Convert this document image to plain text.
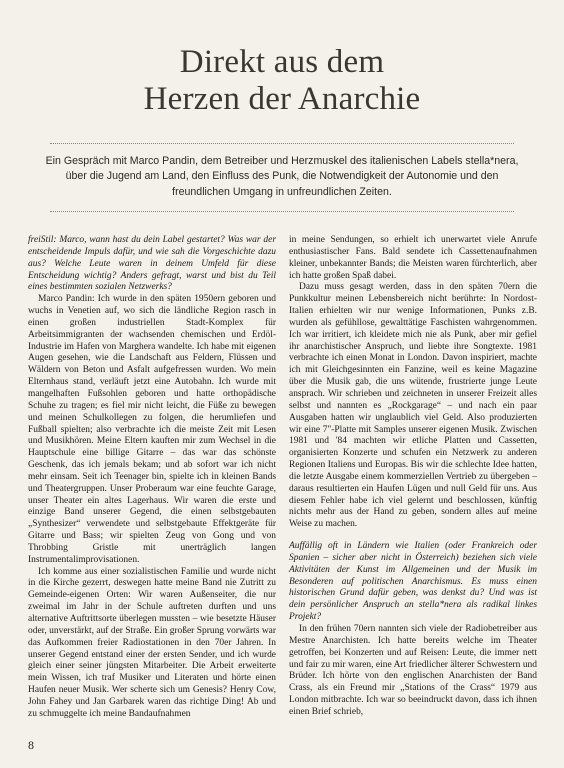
Direkt aus dem
Herzen der Anarchie
Ein Gespräch mit Marco Pandin, dem Betreiber und Herzmuskel des italienischen Labels stella*nera, über die Jugend am Land, den Einfluss des Punk, die Notwendigkeit der Autonomie und den freundlichen Umgang in unfreundlichen Zeiten.

freiStil: Marco, wann hast du dein Label gestartet? Was war der entscheidende Impuls dafür, und wie sah die Vorgeschichte dazu aus? Welche Leute waren in deinem Umfeld für diese Entscheidung wichtig? Anders gefragt, warst und bist du Teil eines bestimmten sozialen Netzwerks?

Marco Pandin: Ich wurde in den späten 1950ern geboren und wuchs in Venetien auf, wo sich die ländliche Region rasch in einen großen industriellen Stadt-Komplex für Arbeitsimmigranten der wachsenden chemischen und Erdöl-Industrie im Hafen von Marghera wandelte. Ich habe mit eigenen Augen gesehen, wie die Landschaft aus Feldern, Flüssen und Wäldern von Beton und Asfalt aufgefressen wurden. Wo mein Elternhaus stand, verläuft jetzt eine Autobahn. Ich wurde mit mangelhaften Fußsohlen geboren und hatte orthopädische Schuhe zu tragen; es fiel mir nicht leicht, die Füße zu bewegen und meinen Schulkollegen zu folgen, die herumliefen und Fußball spielten; also verbrachte ich die meiste Zeit mit Lesen und Musikhören. Meine Eltern kauften mir zum Wechsel in die Hauptschule eine billige Gitarre – das war das schönste Geschenk, das ich jemals bekam; und ab sofort war ich nicht mehr einsam. Seit ich Teenager bin, spielte ich in kleinen Bands und Theatergruppen. Unser Proberaum war eine feuchte Garage, unser Theater ein altes Lagerhaus. Wir waren die erste und einzige Band unserer Gegend, die einen selbstgebauten „Synthesizer“ verwendete und selbstgebaute Effektgeräte für Gitarre und Bass; wir spielten Zeug von Gong und von Throbbing Gristle mit unerträglich langen Instrumentalimprovisationen.

Ich komme aus einer sozialistischen Familie und wurde nicht in die Kirche gezerrt, deswegen hatte meine Band nie Zutritt zu Gemeinde-eigenen Orten: Wir waren Außenseiter, die nur zweimal im Jahr in der Schule auftreten durften und uns alternative Auftrittsorte überlegen mussten – wie besetzte Häuser oder, unverstärkt, auf der Straße. Ein großer Sprung vorwärts war das Aufkommen freier Radiostationen in den 70er Jahren. In unserer Gegend entstand einer der ersten Sender, und ich wurde gleich einer seiner jüngsten Mitarbeiter. Die Arbeit erweiterte mein Wissen, ich traf Musiker und Literaten und hörte einen Haufen neuer Musik. Wer scherte sich um Genesis? Henry Cow, John Fahey und Jan Garbarek waren das richtige Ding! Ab und zu schmuggelte ich meine Bandaufnahmen

in meine Sendungen, so erhielt ich unerwartet viele Anrufe enthusiastischer Fans. Bald sendete ich Cassettenaufnahmen kleiner, unbekannter Bands; die Meisten waren fürchterlich, aber ich hatte großen Spaß dabei.

Dazu muss gesagt werden, dass in den späten 70ern die Punkkultur meinen Lebensbereich nicht berührte: In Nordost-Italien erhielten wir nur wenige Informationen, Punks z.B. wurden als gefühllose, gewalttätige Faschisten wahrgenommen. Ich war irritiert, ich kleidete mich nie als Punk, aber mir gefiel ihr anarchistischer Anspruch, und liebte ihre Songtexte. 1981 verbrachte ich einen Monat in London. Davon inspiriert, machte ich mit Gleichgesinnten ein Fanzine, weil es keine Magazine über die Musik gab, die uns wütende, frustrierte junge Leute ansprach. Wir schrieben und zeichneten in unserer Freizeit alles selbst und nannten es „Rockgarage“ – und nach ein paar Ausgaben hatten wir unglaublich viel Geld. Also produzierten wir eine 7"-Platte mit Samples unserer eigenen Musik. Zwischen 1981 und '84 machten wir etliche Platten und Cassetten, organisierten Konzerte und schufen ein Netzwerk zu anderen Regionen Italiens und Europas. Bis wir die schlechte Idee hatten, die letzte Ausgabe einem kommerziellen Vertrieb zu übergeben – daraus resultierten ein Haufen Lügen und null Geld für uns. Aus diesem Fehler habe ich viel gelernt und beschlossen, künftig nichts mehr aus der Hand zu geben, sondern alles auf meine Weise zu machen.

Auffällig oft in Ländern wie Italien (oder Frankreich oder Spanien – sicher aber nicht in Österreich) beziehen sich viele Aktivitäten der Kunst im Allgemeinen und der Musik im Besonderen auf politischen Anarchismus. Es muss einen historischen Grund dafür geben, was denkst du? Und was ist dein persönlicher Anspruch an stella*nera als radikal linkes Projekt?

In den frühen 70ern nannten sich viele der Radiobetreiber aus Mestre Anarchisten. Ich hatte bereits welche im Theater getroffen, bei Konzerten und auf Reisen: Leute, die immer nett und fair zu mir waren, eine Art friedlicher älterer Schwestern und Brüder. Ich hörte von den englischen Anarchisten der Band Crass, als ein Freund mir „Stations of the Crass“ 1979 aus London mitbrachte. Ich war so beeindruckt davon, dass ich ihnen einen Brief schrieb,

8
